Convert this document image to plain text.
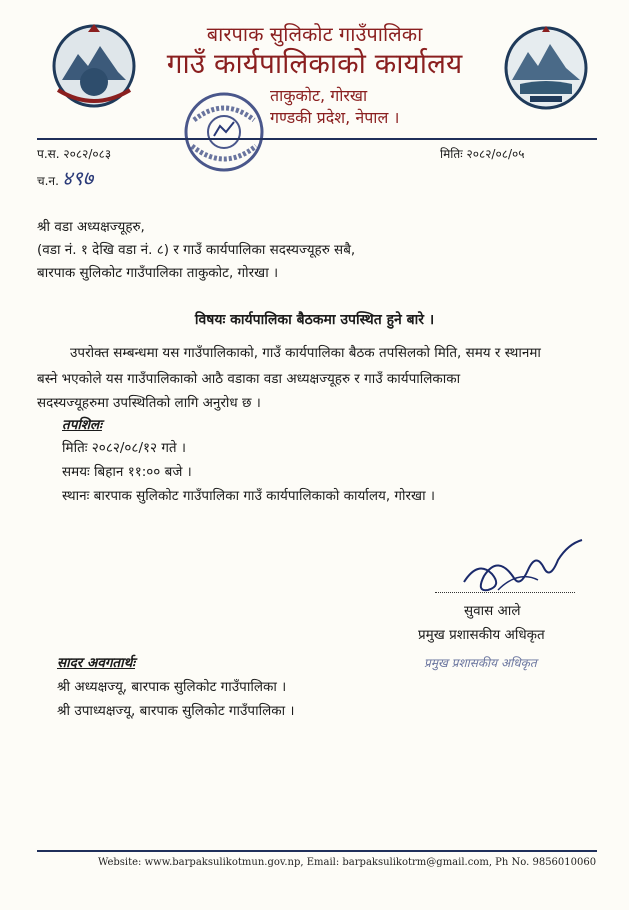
बारपाक सुलिकोट गाउँपालिका
गाउँ कार्यपालिकाको कार्यालय
ताकुकोट, गोरखा
गण्डकी प्रदेश, नेपाल ।
प.स. २०८२/०८३	मितिः २०८२/०८/०५
च.न. ४९७
श्री वडा अध्यक्षज्यूहरु,
(वडा नं. १ देखि वडा नं. ८) र गाउँ कार्यपालिका सदस्यज्यूहरु सबै,
बारपाक सुलिकोट गाउँपालिका ताकुकोट, गोरखा ।
विषयः कार्यपालिका बैठकमा उपस्थित हुने बारे ।
उपरोक्त सम्बन्धमा यस गाउँपालिकाको, गाउँ कार्यपालिका बैठक तपसिलको मिति, समय र स्थानमा
बस्ने भएकोले यस गाउँपालिकाको आठै वडाका वडा अध्यक्षज्यूहरु र गाउँ कार्यपालिकाका
सदस्यज्यूहरुमा उपस्थितिको लागि अनुरोध छ ।
तपशिलः
मितिः २०८२/०८/१२ गते ।
समयः बिहान ११:०० बजे ।
स्थानः बारपाक सुलिकोट गाउँपालिका गाउँ कार्यपालिकाको कार्यालय, गोरखा ।
सुवास आले
प्रमुख प्रशासकीय अधिकृत
प्रमुख प्रशासकीय अधिकृत
सादर अवगतार्थः
श्री अध्यक्षज्यू, बारपाक सुलिकोट गाउँपालिका ।
श्री उपाध्यक्षज्यू, बारपाक सुलिकोट गाउँपालिका ।
Website: www.barpaksulikotmun.gov.np, Email: barpaksulikotrm@gmail.com, Ph No. 9856010060
